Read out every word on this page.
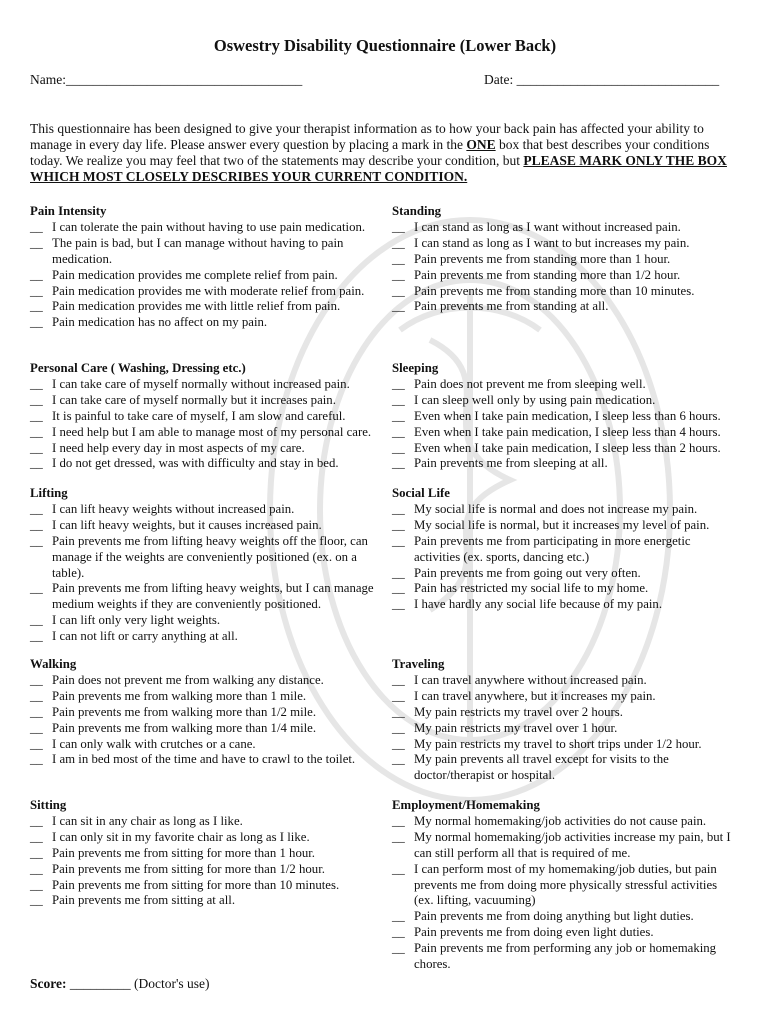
Oswestry Disability Questionnaire (Lower Back)
Name:___________________________________	Date: ______________________________
This questionnaire has been designed to give your therapist information as to how your back pain has affected your ability to manage in every day life. Please answer every question by placing a mark in the ONE box that best describes your conditions today. We realize you may feel that two of the statements may describe your condition, but PLEASE MARK ONLY THE BOX WHICH MOST CLOSELY DESCRIBES YOUR CURRENT CONDITION.
Pain Intensity
__ I can tolerate the pain without having to use pain medication.
__ The pain is bad, but I can manage without having to pain medication.
__ Pain medication provides me complete relief from pain.
__ Pain medication provides me with moderate relief from pain.
__ Pain medication provides me with little relief from pain.
__ Pain medication has no affect on my pain.
Standing
__ I can stand as long as I want without increased pain.
__ I can stand as long as I want to but increases my pain.
__ Pain prevents me from standing more than 1 hour.
__ Pain prevents me from standing more than 1/2 hour.
__ Pain prevents me from standing more than 10 minutes.
__ Pain prevents me from standing at all.
Personal Care ( Washing, Dressing etc.)
__ I can take care of myself normally without increased pain.
__ I can take care of myself normally but it increases pain.
__ It is painful to take care of myself, I am slow and careful.
__ I need help but I am able to manage most of my personal care.
__ I need help every day in most aspects of my care.
__ I do not get dressed, was with difficulty and stay in bed.
Sleeping
__ Pain does not prevent me from sleeping well.
__ I can sleep well only by using pain medication.
__ Even when I take pain medication, I sleep less than 6 hours.
__ Even when I take pain medication, I sleep less than 4 hours.
__ Even when I take pain medication, I sleep less than 2 hours.
__ Pain prevents me from sleeping at all.
Lifting
__ I can lift heavy weights without increased pain.
__ I can lift heavy weights, but it causes increased pain.
__ Pain prevents me from lifting heavy weights off the floor, can manage if the weights are conveniently positioned (ex. on a table).
__ Pain prevents me from lifting heavy weights, but I can manage medium weights if they are conveniently positioned.
__ I can lift only very light weights.
__ I can not lift or carry anything at all.
Social Life
__ My social life is normal and does not increase my pain.
__ My social life is normal, but it increases my level of pain.
__ Pain prevents me from participating in more energetic activities (ex. sports, dancing etc.)
__ Pain prevents me from going out very often.
__ Pain has restricted my social life to my home.
__ I have hardly any social life because of my pain.
Walking
__ Pain does not prevent me from walking any distance.
__ Pain prevents me from walking more than 1 mile.
__ Pain prevents me from walking more than 1/2 mile.
__ Pain prevents me from walking more than 1/4 mile.
__ I can only walk with crutches or a cane.
__ I am in bed most of the time and have to crawl to the toilet.
Traveling
__ I can travel anywhere without increased pain.
__ I can travel anywhere, but it increases my pain.
__ My pain restricts my travel over 2 hours.
__ My pain restricts my travel over 1 hour.
__ My pain restricts my travel to short trips under 1/2 hour.
__ My pain prevents all travel except for visits to the doctor/therapist or hospital.
Sitting
__ I can sit in any chair as long as I like.
__ I can only sit in my favorite chair as long as I like.
__ Pain prevents me from sitting for more than 1 hour.
__ Pain prevents me from sitting for more than 1/2 hour.
__ Pain prevents me from sitting for more than 10 minutes.
__ Pain prevents me from sitting at all.
Employment/Homemaking
__ My normal homemaking/job activities do not cause pain.
__ My normal homemaking/job activities increase my pain, but I can still perform all that is required of me.
__ I can perform most of my homemaking/job duties, but pain prevents me from doing more physically stressful activities (ex. lifting, vacuuming)
__ Pain prevents me from doing anything but light duties.
__ Pain prevents me from doing even light duties.
__ Pain prevents me from performing any job or homemaking chores.
Score: _________ (Doctor's use)
